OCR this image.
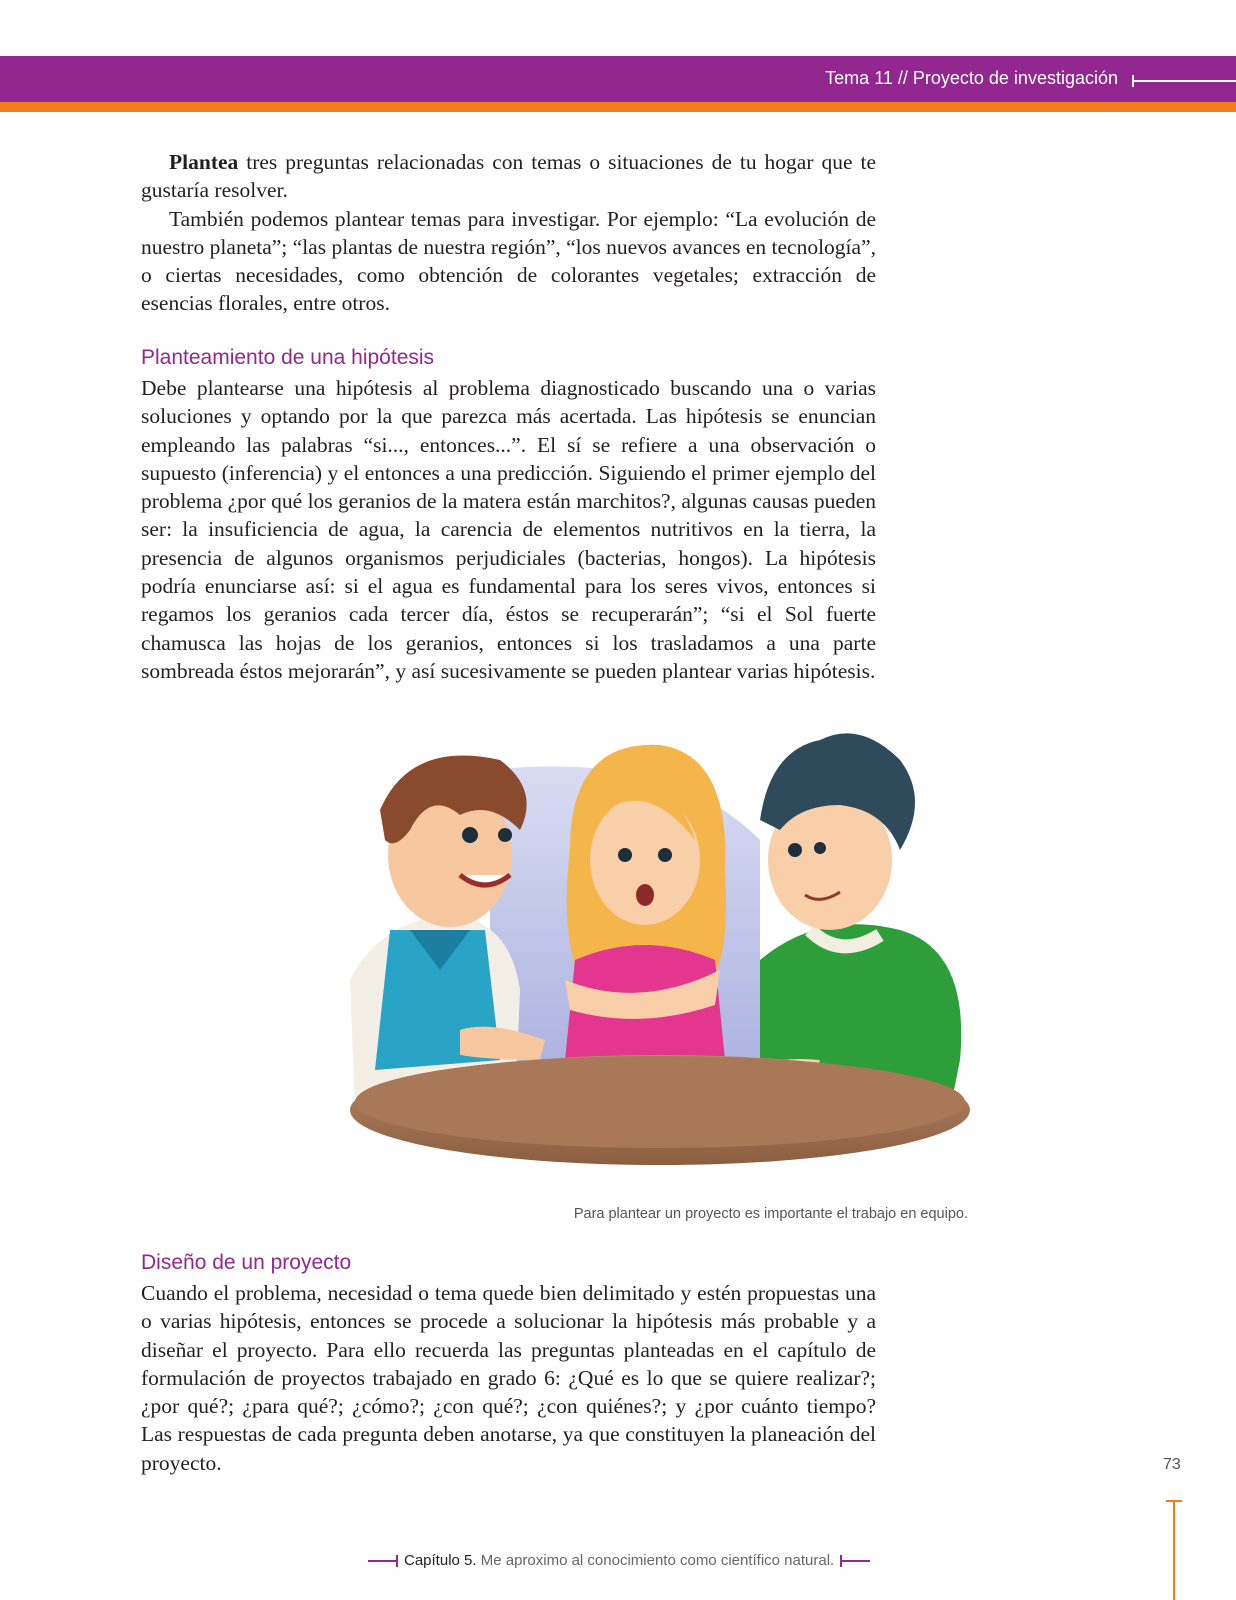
Tema 11 // Proyecto de investigación

Plantea tres preguntas relacionadas con temas o situaciones de tu hogar que te gustaría resolver.

También podemos plantear temas para investigar. Por ejemplo: “La evolución de nuestro planeta”; “las plantas de nuestra región”, “los nuevos avances en tecnología”, o ciertas necesidades, como obtención de colorantes vegetales; extracción de esencias florales, entre otros.

Planteamiento de una hipótesis

Debe plantearse una hipótesis al problema diagnosticado buscando una o varias soluciones y optando por la que parezca más acertada. Las hipótesis se enuncian empleando las palabras “si..., entonces...”. El sí se refiere a una observación o supuesto (inferencia) y el entonces a una predicción. Siguiendo el primer ejemplo del problema ¿por qué los geranios de la matera están marchitos?, algunas causas pueden ser: la insuficiencia de agua, la carencia de elementos nutritivos en la tierra, la presencia de algunos organismos perjudiciales (bacterias, hongos). La hipótesis podría enunciarse así: si el agua es fundamental para los seres vivos, entonces si regamos los geranios cada tercer día, éstos se recuperarán”; “si el Sol fuerte chamusca las hojas de los geranios, entonces si los trasladamos a una parte sombreada éstos mejorarán”, y así sucesivamente se pueden plantear varias hipótesis.

Para plantear un proyecto es importante el trabajo en equipo.
Diseño de un proyecto

Cuando el problema, necesidad o tema quede bien delimitado y estén propuestas una o varias hipótesis, entonces se procede a solucionar la hipótesis más probable y a diseñar el proyecto. Para ello recuerda las preguntas planteadas en el capítulo de formulación de proyectos trabajado en grado 6: ¿Qué es lo que se quiere realizar?; ¿por qué?; ¿para qué?; ¿cómo?; ¿con qué?; ¿con quiénes?; y ¿por cuánto tiempo? Las respuestas de cada pregunta deben anotarse, ya que constituyen la planeación del proyecto.	73
Capítulo 5. Me aproximo al conocimiento como científico natural.
